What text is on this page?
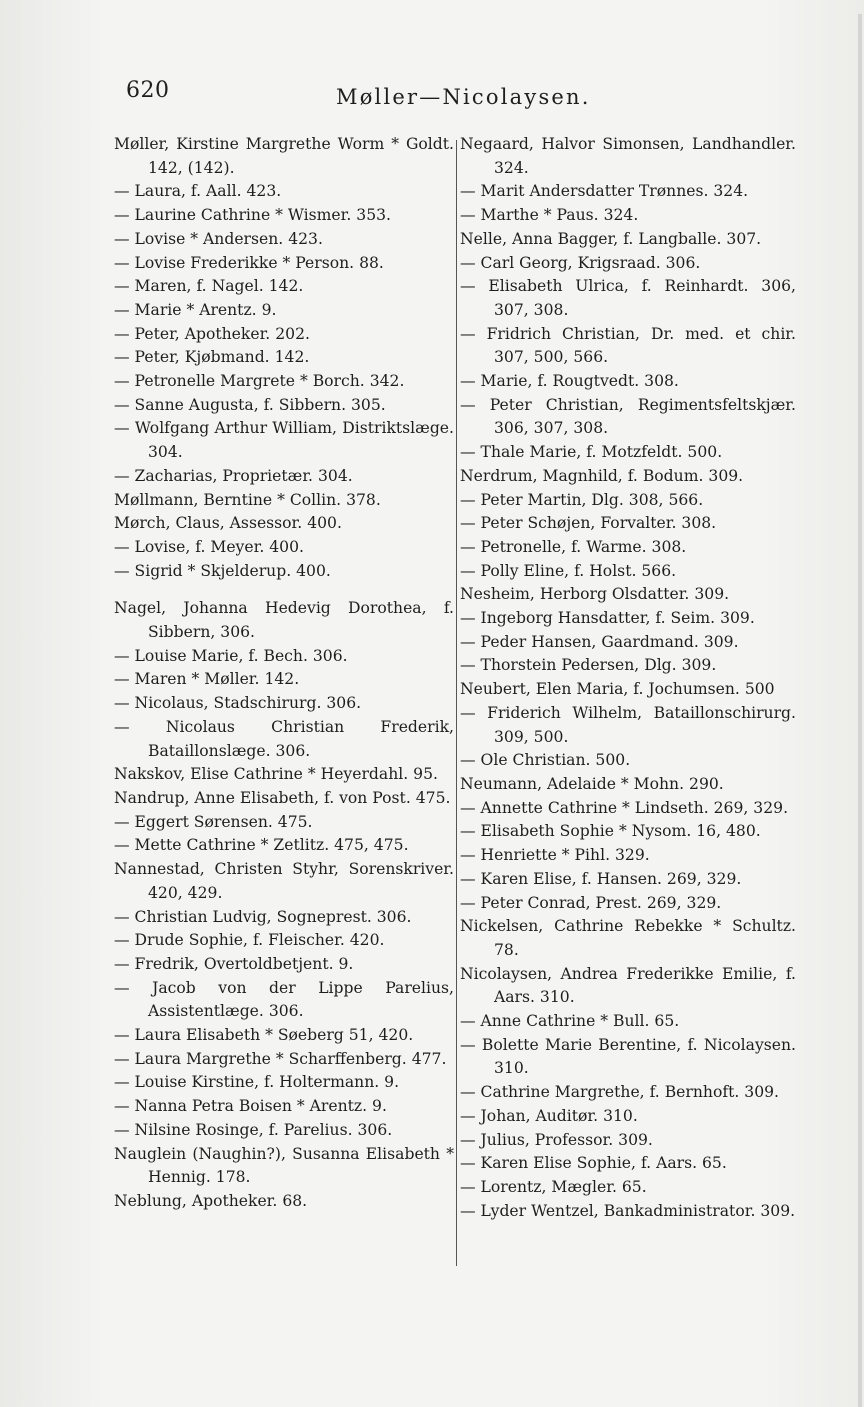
620	Møller—Nicolaysen.
Møller, Kirstine Margrethe Worm * Goldt. 142, (142).
— Laura, f. Aall. 423.
— Laurine Cathrine * Wismer. 353.
— Lovise * Andersen. 423.
— Lovise Frederikke * Person. 88.
— Maren, f. Nagel. 142.
— Marie * Arentz. 9.
— Peter, Apotheker. 202.
— Peter, Kjøbmand. 142.
— Petronelle Margrete * Borch. 342.
— Sanne Augusta, f. Sibbern. 305.
— Wolfgang Arthur William, Distriktslæge. 304.
— Zacharias, Proprietær. 304.
Møllmann, Berntine * Collin. 378.
Mørch, Claus, Assessor. 400.
— Lovise, f. Meyer. 400.
— Sigrid * Skjelderup. 400.
Nagel, Johanna Hedevig Dorothea, f. Sibbern, 306.
— Louise Marie, f. Bech. 306.
— Maren * Møller. 142.
— Nicolaus, Stadschirurg. 306.
— Nicolaus Christian Frederik, Bataillonslæge. 306.
Nakskov, Elise Cathrine * Heyerdahl. 95.
Nandrup, Anne Elisabeth, f. von Post. 475.
— Eggert Sørensen. 475.
— Mette Cathrine * Zetlitz. 475, 475.
Nannestad, Christen Styhr, Sorenskriver. 420, 429.
— Christian Ludvig, Sogneprest. 306.
— Drude Sophie, f. Fleischer. 420.
— Fredrik, Overtoldbetjent. 9.
— Jacob von der Lippe Parelius, Assistentlæge. 306.
— Laura Elisabeth * Søeberg 51, 420.
— Laura Margrethe * Scharffenberg. 477.
— Louise Kirstine, f. Holtermann. 9.
— Nanna Petra Boisen * Arentz. 9.
— Nilsine Rosinge, f. Parelius. 306.
Nauglein (Naughin?), Susanna Elisabeth * Hennig. 178.
Neblung, Apotheker. 68.
Negaard, Halvor Simonsen, Landhandler. 324.
— Marit Andersdatter Trønnes. 324.
— Marthe * Paus. 324.
Nelle, Anna Bagger, f. Langballe. 307.
— Carl Georg, Krigsraad. 306.
— Elisabeth Ulrica, f. Reinhardt. 306, 307, 308.
— Fridrich Christian, Dr. med. et chir. 307, 500, 566.
— Marie, f. Rougtvedt. 308.
— Peter Christian, Regimentsfeltskjær. 306, 307, 308.
— Thale Marie, f. Motzfeldt. 500.
Nerdrum, Magnhild, f. Bodum. 309.
— Peter Martin, Dlg. 308, 566.
— Peter Schøjen, Forvalter. 308.
— Petronelle, f. Warme. 308.
— Polly Eline, f. Holst. 566.
Nesheim, Herborg Olsdatter. 309.
— Ingeborg Hansdatter, f. Seim. 309.
— Peder Hansen, Gaardmand. 309.
— Thorstein Pedersen, Dlg. 309.
Neubert, Elen Maria, f. Jochumsen. 500
— Friderich Wilhelm, Bataillonschirurg. 309, 500.
— Ole Christian. 500.
Neumann, Adelaide * Mohn. 290.
— Annette Cathrine * Lindseth. 269, 329.
— Elisabeth Sophie * Nysom. 16, 480.
— Henriette * Pihl. 329.
— Karen Elise, f. Hansen. 269, 329.
— Peter Conrad, Prest. 269, 329.
Nickelsen, Cathrine Rebekke * Schultz. 78.
Nicolaysen, Andrea Frederikke Emilie, f. Aars. 310.
— Anne Cathrine * Bull. 65.
— Bolette Marie Berentine, f. Nicolaysen. 310.
— Cathrine Margrethe, f. Bernhoft. 309.
— Johan, Auditør. 310.
— Julius, Professor. 309.
— Karen Elise Sophie, f. Aars. 65.
— Lorentz, Mægler. 65.
— Lyder Wentzel, Bankadministrator. 309.
